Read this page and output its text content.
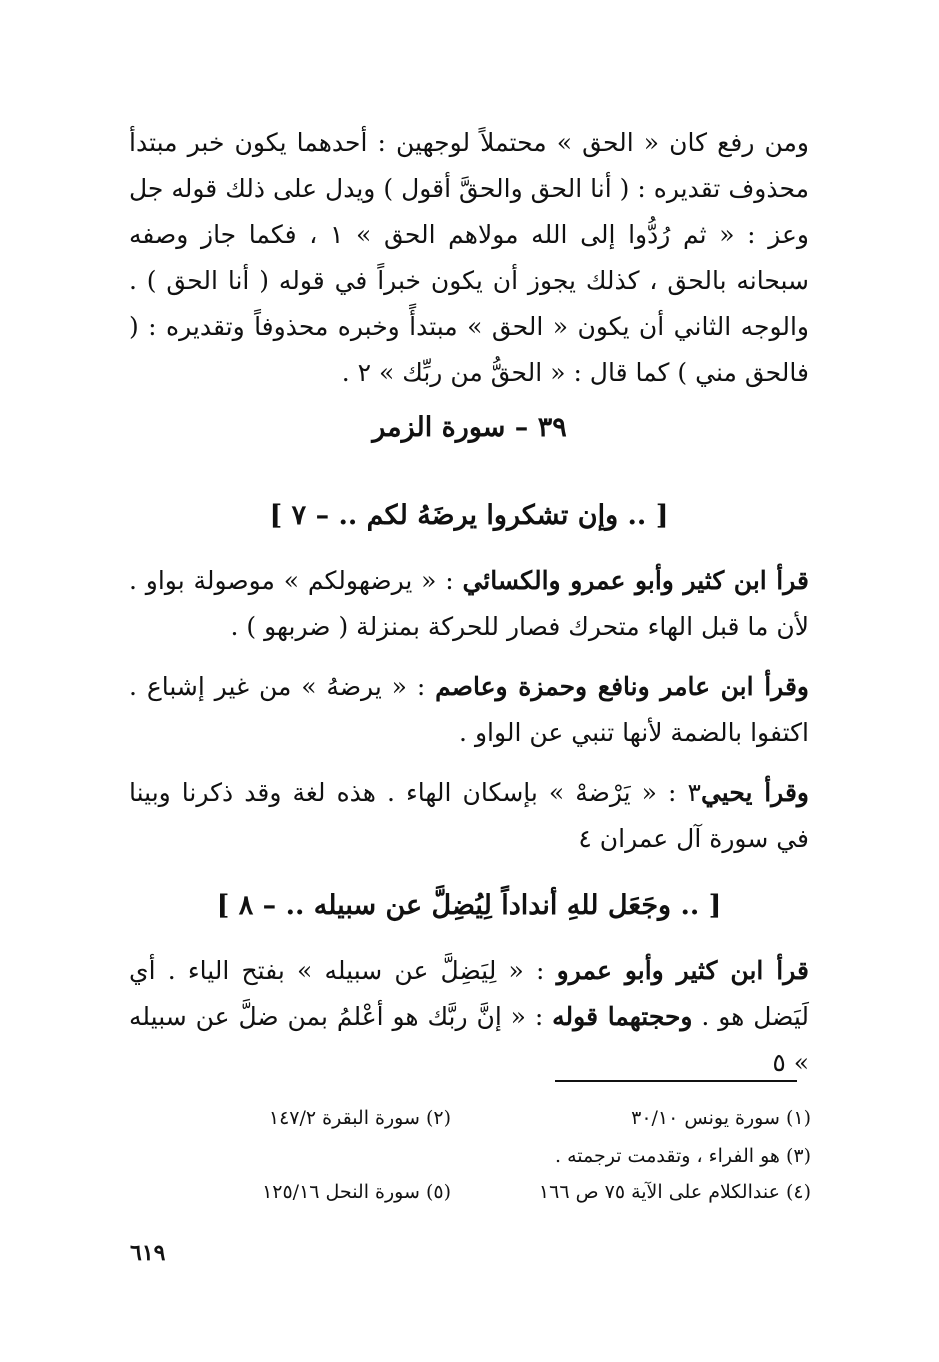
ومن رفع كان « الحق » محتملاً لوجهين : أحدهما يكون خبر مبتدأ محذوف تقديره : ( أنا الحق والحقَّ أقول ) ويدل على ذلك قوله جل وعز : « ثم رُدُّوا إلى الله مولاهم الحق » ١ ، فكما جاز وصفه سبحانه بالحق ، كذلك يجوز أن يكون خبراً في قوله ( أنا الحق ) . والوجه الثاني أن يكون « الحق » مبتدأً وخبره محذوفاً وتقديره : ( فالحق مني ) كما قال : « الحقُّ من ربِّك » ٢ .
٣٩ – سورة الزمر
[ .. وإن تشكروا يرضَهُ لكم .. – ٧ ]
قرأ ابن كثير وأبو عمرو والكسائي : « يرضهولكم » موصولة بواو . لأن ما قبل الهاء متحرك فصار للحركة بمنزلة ( ضربهو ) .
وقرأ ابن عامر ونافع وحمزة وعاصم : « يرضهُ » من غير إشباع . اكتفوا بالضمة لأنها تنبي عن الواو .
وقرأ يحيي٣ : « يَرْضهْ » بإسكان الهاء . هذه لغة وقد ذكرنا وبينا في سورة آل عمران ٤
[ .. وجَعَل للهِ أنداداً لِيُضِلَّ عن سبيله .. – ٨ ]
قرأ ابن كثير وأبو عمرو : « لِيَضِلَّ عن سبيله » بفتح الياء . أي لَيَضل هو . وحجتهما قوله : « إنَّ ربَّك هو أعْلمُ بمن ضلَّ عن سبيله » ٥
(١) سورة يونس ٣٠/١٠
(٢) سورة البقرة ١٤٧/٢
(٣) هو الفراء ، وتقدمت ترجمته .
(٤) عندالكلام على الآية ٧٥ ص ١٦٦
(٥) سورة النحل ١٢٥/١٦
٦١٩
